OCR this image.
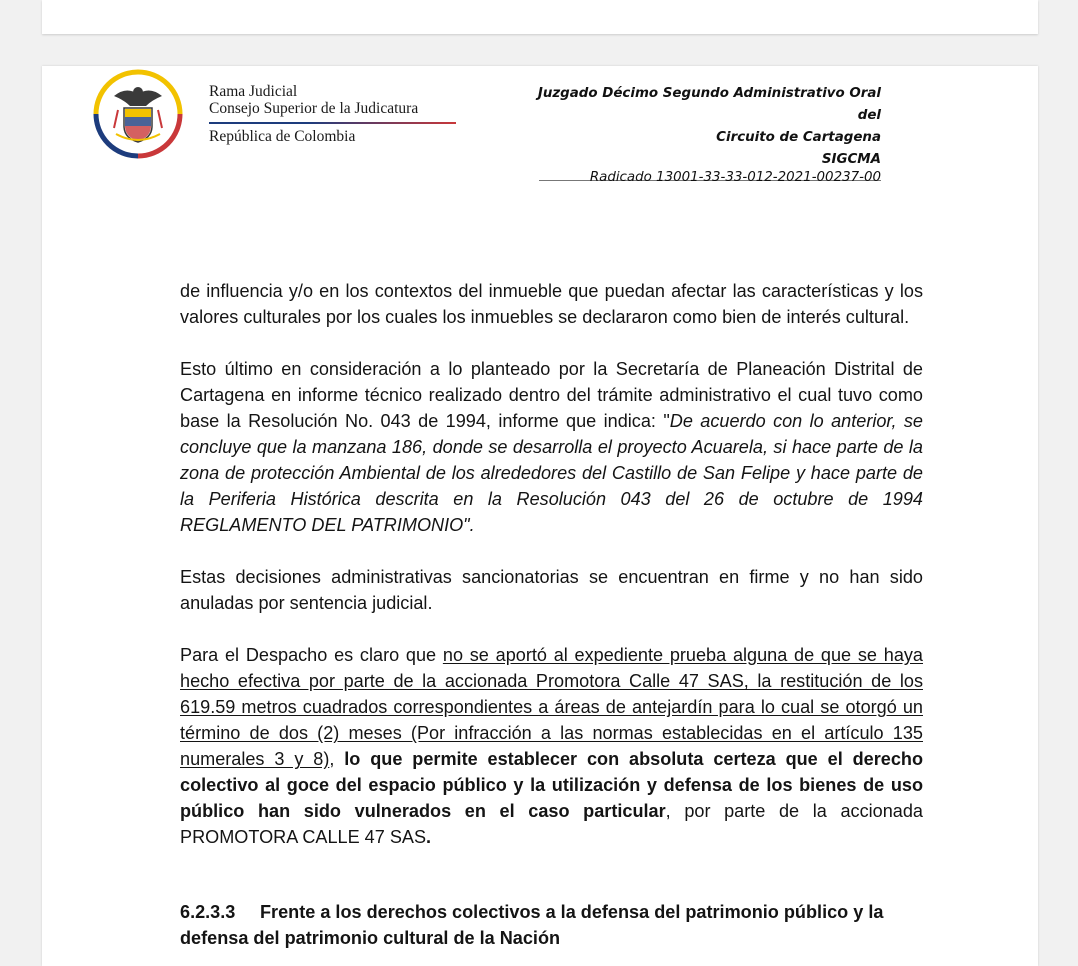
Rama Judicial
Consejo Superior de la Judicatura
República de Colombia
Juzgado Décimo Segundo Administrativo Oral
del
Circuito de Cartagena
SIGCMA
Radicado 13001-33-33-012-2021-00237-00

de influencia y/o en los contextos del inmueble que puedan afectar las características y los valores culturales por los cuales los inmuebles se declararon como bien de interés cultural.

Esto último en consideración a lo planteado por la Secretaría de Planeación Distrital de Cartagena en informe técnico realizado dentro del trámite administrativo el cual tuvo como base la Resolución No. 043 de 1994, informe que indica: "De acuerdo con lo anterior, se concluye que la manzana 186, donde se desarrolla el proyecto Acuarela, si hace parte de la zona de protección Ambiental de los alrededores del Castillo de San Felipe y hace parte de la Periferia Histórica descrita en la Resolución 043 del 26 de octubre de 1994 REGLAMENTO DEL PATRIMONIO".

Estas decisiones administrativas sancionatorias se encuentran en firme y no han sido anuladas por sentencia judicial.

Para el Despacho es claro que no se aportó al expediente prueba alguna de que se haya hecho efectiva por parte de la accionada Promotora Calle 47 SAS, la restitución de los 619.59 metros cuadrados correspondientes a áreas de antejardín para lo cual se otorgó un término de dos (2) meses (Por infracción a las normas establecidas en el artículo 135 numerales 3 y 8), lo que permite establecer con absoluta certeza que el derecho colectivo al goce del espacio público y la utilización y defensa de los bienes de uso público han sido vulnerados en el caso particular, por parte de la accionada PROMOTORA CALLE 47 SAS.

6.2.3.3 Frente a los derechos colectivos a la defensa del patrimonio público y la defensa del patrimonio cultural de la Nación
